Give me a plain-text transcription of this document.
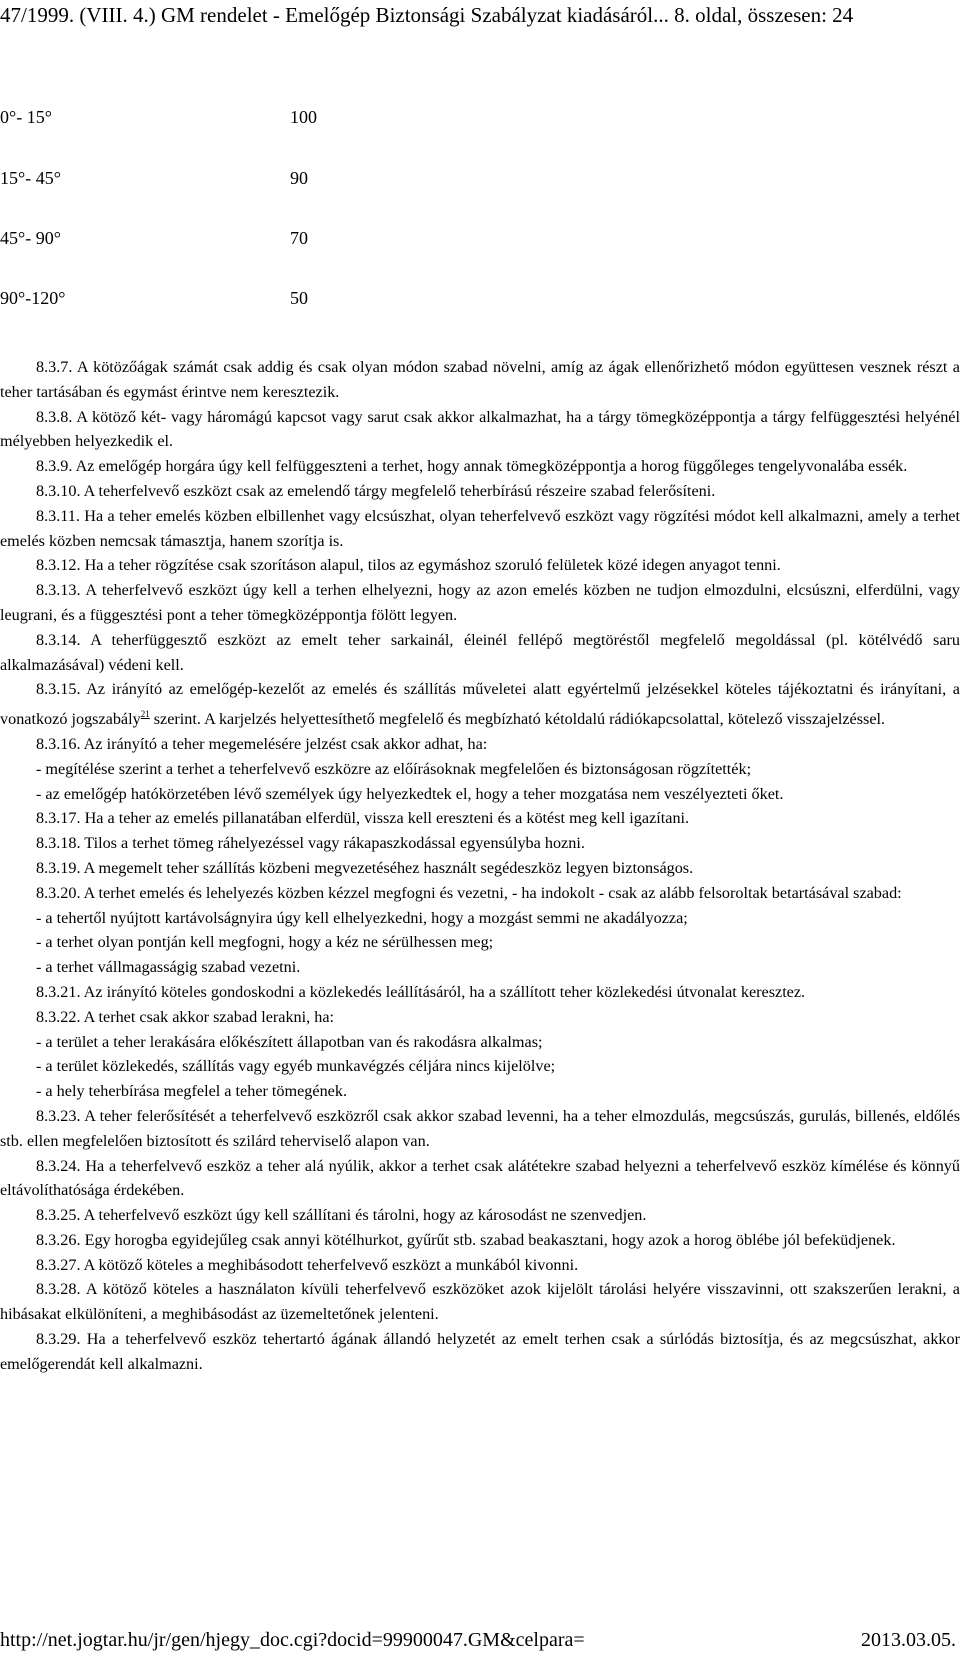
47/1999. (VIII. 4.) GM rendelet - Emelőgép Biztonsági Szabályzat kiadásáról... 8. oldal, összesen: 24
0°- 15°	100
15°- 45°	90
45°- 90°	70
90°-120°	50

8.3.7. A kötözőágak számát csak addig és csak olyan módon szabad növelni, amíg az ágak ellenőrizhető módon együttesen vesznek részt a teher tartásában és egymást érintve nem keresztezik.

8.3.8. A kötöző két- vagy háromágú kapcsot vagy sarut csak akkor alkalmazhat, ha a tárgy tömegközéppontja a tárgy felfüggesztési helyénél mélyebben helyezkedik el.

8.3.9. Az emelőgép horgára úgy kell felfüggeszteni a terhet, hogy annak tömegközéppontja a horog függőleges tengelyvonalába essék.

8.3.10. A teherfelvevő eszközt csak az emelendő tárgy megfelelő teherbírású részeire szabad felerősíteni.

8.3.11. Ha a teher emelés közben elbillenhet vagy elcsúszhat, olyan teherfelvevő eszközt vagy rögzítési módot kell alkalmazni, amely a terhet emelés közben nemcsak támasztja, hanem szorítja is.

8.3.12. Ha a teher rögzítése csak szorításon alapul, tilos az egymáshoz szoruló felületek közé idegen anyagot tenni.

8.3.13. A teherfelvevő eszközt úgy kell a terhen elhelyezni, hogy az azon emelés közben ne tudjon elmozdulni, elcsúszni, elferdülni, vagy leugrani, és a függesztési pont a teher tömegközéppontja fölött legyen.

8.3.14. A teherfüggesztő eszközt az emelt teher sarkainál, éleinél fellépő megtöréstől megfelelő megoldással (pl. kötélvédő saru alkalmazásával) védeni kell.

8.3.15. Az irányító az emelőgép-kezelőt az emelés és szállítás műveletei alatt egyértelmű jelzésekkel köteles tájékoztatni és irányítani, a vonatkozó jogszabály$^{21}$ szerint. A karjelzés helyettesíthető megfelelő és megbízható kétoldalú rádiókapcsolattal, kötelező visszajelzéssel.

8.3.16. Az irányító a teher megemelésére jelzést csak akkor adhat, ha:

- megítélése szerint a terhet a teherfelvevő eszközre az előírásoknak megfelelően és biztonságosan rögzítették;

- az emelőgép hatókörzetében lévő személyek úgy helyezkedtek el, hogy a teher mozgatása nem veszélyezteti őket.

8.3.17. Ha a teher az emelés pillanatában elferdül, vissza kell ereszteni és a kötést meg kell igazítani.

8.3.18. Tilos a terhet tömeg ráhelyezéssel vagy rákapaszkodással egyensúlyba hozni.

8.3.19. A megemelt teher szállítás közbeni megvezetéséhez használt segédeszköz legyen biztonságos.

8.3.20. A terhet emelés és lehelyezés közben kézzel megfogni és vezetni, - ha indokolt - csak az alább felsoroltak betartásával szabad:

- a tehertől nyújtott kartávolságnyira úgy kell elhelyezkedni, hogy a mozgást semmi ne akadályozza;

- a terhet olyan pontján kell megfogni, hogy a kéz ne sérülhessen meg;

- a terhet vállmagasságig szabad vezetni.

8.3.21. Az irányító köteles gondoskodni a közlekedés leállításáról, ha a szállított teher közlekedési útvonalat keresztez.

8.3.22. A terhet csak akkor szabad lerakni, ha:

- a terület a teher lerakására előkészített állapotban van és rakodásra alkalmas;

- a terület közlekedés, szállítás vagy egyéb munkavégzés céljára nincs kijelölve;

- a hely teherbírása megfelel a teher tömegének.

8.3.23. A teher felerősítését a teherfelvevő eszközről csak akkor szabad levenni, ha a teher elmozdulás, megcsúszás, gurulás, billenés, eldőlés stb. ellen megfelelően biztosított és szilárd teherviselő alapon van.

8.3.24. Ha a teherfelvevő eszköz a teher alá nyúlik, akkor a terhet csak alátétekre szabad helyezni a teherfelvevő eszköz kímélése és könnyű eltávolíthatósága érdekében.

8.3.25. A teherfelvevő eszközt úgy kell szállítani és tárolni, hogy az károsodást ne szenvedjen.

8.3.26. Egy horogba egyidejűleg csak annyi kötélhurkot, gyűrűt stb. szabad beakasztani, hogy azok a horog öblébe jól befeküdjenek.

8.3.27. A kötöző köteles a meghibásodott teherfelvevő eszközt a munkából kivonni.

8.3.28. A kötöző köteles a használaton kívüli teherfelvevő eszközöket azok kijelölt tárolási helyére visszavinni, ott szakszerűen lerakni, a hibásakat elkülöníteni, a meghibásodást az üzemeltetőnek jelenteni.

8.3.29. Ha a teherfelvevő eszköz tehertartó ágának állandó helyzetét az emelt terhen csak a súrlódás biztosítja, és az megcsúszhat, akkor emelőgerendát kell alkalmazni.

http://net.jogtar.hu/jr/gen/hjegy_doc.cgi?docid=99900047.GM&celpara=	2013.03.05.
